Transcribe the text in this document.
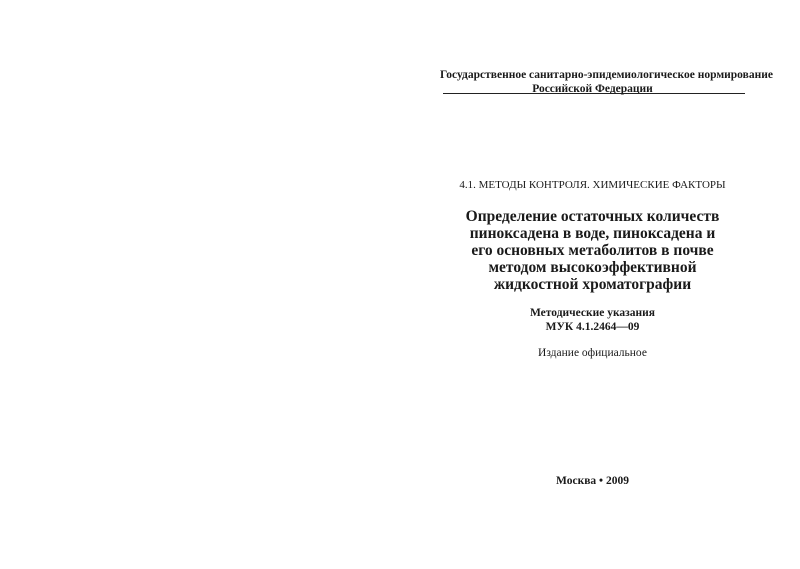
Государственное санитарно-эпидемиологическое нормирование
Российской Федерации
4.1. МЕТОДЫ КОНТРОЛЯ. ХИМИЧЕСКИЕ ФАКТОРЫ
Определение остаточных количеств
пиноксадена в воде, пиноксадена и
его основных метаболитов в почве
методом высокоэффективной
жидкостной хроматографии
Методические указания
МУК 4.1.2464—09
Издание официальное
Москва • 2009
